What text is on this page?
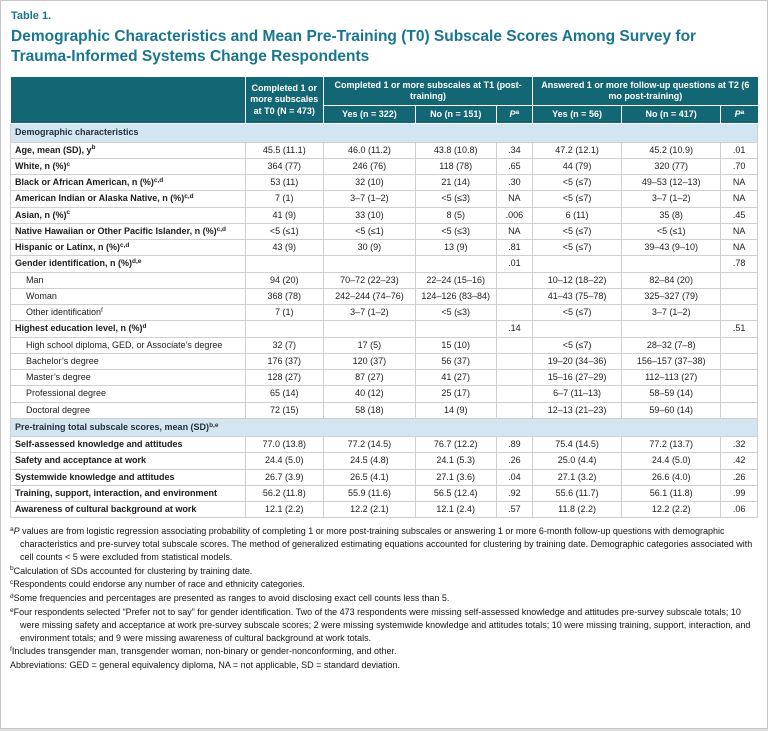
Table 1.
Demographic Characteristics and Mean Pre-Training (T0) Subscale Scores Among Survey for Trauma-Informed Systems Change Respondents
	Completed 1 or more subscales at T0 (N = 473)	Completed 1 or more subscales at T1 (post-training)			Answered 1 or more follow-up questions at T2 (6 mo post-training)		
		Yes (n = 322)	No (n = 151)	$P^a$	Yes (n = 56)	No (n = 417)	$P^a$
Demographic characteristics							
Age, mean (SD), $y^b$	45.5 (11.1)	46.0 (11.2)	43.8 (10.8)	.34	47.2 (12.1)	45.2 (10.9)	.01
White, n (%)$^c$	364 (77)	246 (76)	118 (78)	.65	44 (79)	320 (77)	.70
Black or African American, n (%)$^{c,d}$	53 (11)	32 (10)	21 (14)	.30	<5 (≤7)	49–53 (12–13)	NA
American Indian or Alaska Native, n (%)$^{c,d}$	7 (1)	3–7 (1–2)	<5 (≤3)	NA	<5 (≤7)	3–7 (1–2)	NA
Asian, n (%)$^c$	41 (9)	33 (10)	8 (5)	.006	6 (11)	35 (8)	.45
Native Hawaiian or Other Pacific Islander, n (%)$^{c,d}$	<5 (≤1)	<5 (≤1)	<5 (≤3)	NA	<5 (≤7)	<5 (≤1)	NA
Hispanic or Latinx, n (%)$^{c,d}$	43 (9)	30 (9)	13 (9)	.81	<5 (≤7)	39–43 (9–10)	NA
Gender identification, n (%)$^{d,e}$				.01			.78
Man	94 (20)	70–72 (22–23)	22–24 (15–16)		10–12 (18–22)	82–84 (20)	
Woman	368 (78)	242–244 (74–76)	124–126 (83–84)		41–43 (75–78)	325–327 (79)	
Other identification$^f$	7 (1)	3–7 (1–2)	<5 (≤3)		<5 (≤7)	3–7 (1–2)	
Highest education level, n (%)$^d$				.14			.51
High school diploma, GED, or Associate’s degree	32 (7)	17 (5)	15 (10)		<5 (≤7)	28–32 (7–8)	
Bachelor’s degree	176 (37)	120 (37)	56 (37)		19–20 (34–36)	156–157 (37–38)	
Master’s degree	128 (27)	87 (27)	41 (27)		15–16 (27–29)	112–113 (27)	
Professional degree	65 (14)	40 (12)	25 (17)		6–7 (11–13)	58–59 (14)	
Doctoral degree	72 (15)	58 (18)	14 (9)		12–13 (21–23)	59–60 (14)	
Pre-training total subscale scores, mean (SD)$^{b,e}$
Self-assessed knowledge and attitudes	77.0 (13.8)	77.2 (14.5)	76.7 (12.2)	.89	75.4 (14.5)	77.2 (13.7)	.32
Safety and acceptance at work	24.4 (5.0)	24.5 (4.8)	24.1 (5.3)	.26	25.0 (4.4)	24.4 (5.0)	.42
Systemwide knowledge and attitudes	26.7 (3.9)	26.5 (4.1)	27.1 (3.6)	.04	27.1 (3.2)	26.6 (4.0)	.26
Training, support, interaction, and environment	56.2 (11.8)	55.9 (11.6)	56.5 (12.4)	.92	55.6 (11.7)	56.1 (11.8)	.99
Awareness of cultural background at work	12.1 (2.2)	12.2 (2.1)	12.1 (2.4)	.57	11.8 (2.2)	12.2 (2.2)	.06
$^a$P values are from logistic regression associating probability of completing 1 or more post-training subscales or answering 1 or more 6-month follow-up questions with demographic characteristics and pre-survey total subscale scores. The method of generalized estimating equations accounted for clustering by training date. Demographic categories associated with cell counts < 5 were excluded from statistical models.
$^b$Calculation of SDs accounted for clustering by training date.
$^c$Respondents could endorse any number of race and ethnicity categories.
$^d$Some frequencies and percentages are presented as ranges to avoid disclosing exact cell counts less than 5.
$^e$Four respondents selected “Prefer not to say” for gender identification. Two of the 473 respondents were missing self-assessed knowledge and attitudes pre-survey subscale totals; 10 were missing safety and acceptance at work pre-survey subscale scores; 2 were missing systemwide knowledge and attitudes totals; 10 were missing training, support, interaction, and environment totals; and 9 were missing awareness of cultural background at work totals.
$^f$Includes transgender man, transgender woman, non-binary or gender-nonconforming, and other.
Abbreviations: GED = general equivalency diploma, NA = not applicable, SD = standard deviation.
